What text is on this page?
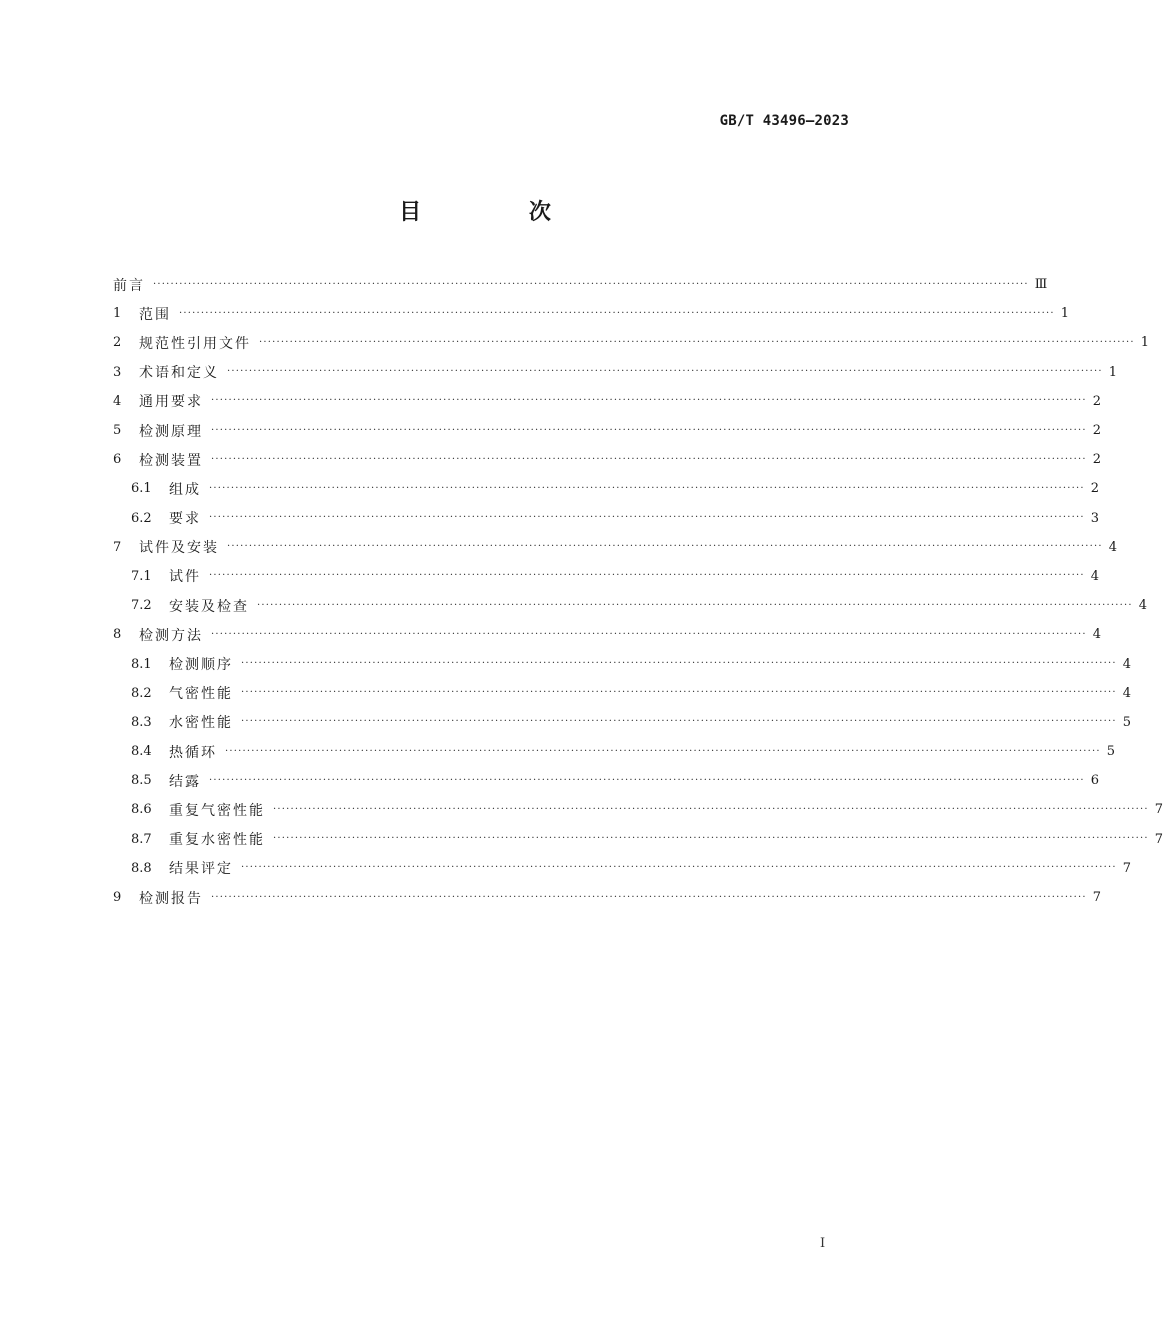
GB/T 43496—2023
目 次
前言 ········································································································································································································ Ⅲ
1	范围 ········································································································································································································ 1
2	规范性引用文件 ········································································································································································································ 1
3	术语和定义 ········································································································································································································ 1
4	通用要求 ········································································································································································································ 2
5	检测原理 ········································································································································································································ 2
6	检测装置 ········································································································································································································ 2
6.1	组成 ········································································································································································································ 2
6.2	要求 ········································································································································································································ 3
7	试件及安装 ········································································································································································································ 4
7.1	试件 ········································································································································································································ 4
7.2	安装及检查 ········································································································································································································ 4
8	检测方法 ········································································································································································································ 4
8.1	检测顺序 ········································································································································································································ 4
8.2	气密性能 ········································································································································································································ 4
8.3	水密性能 ········································································································································································································ 5
8.4	热循环 ········································································································································································································ 5
8.5	结露 ········································································································································································································ 6
8.6	重复气密性能 ········································································································································································································ 7
8.7	重复水密性能 ········································································································································································································ 7
8.8	结果评定 ········································································································································································································ 7
9	检测报告 ········································································································································································································ 7
I
